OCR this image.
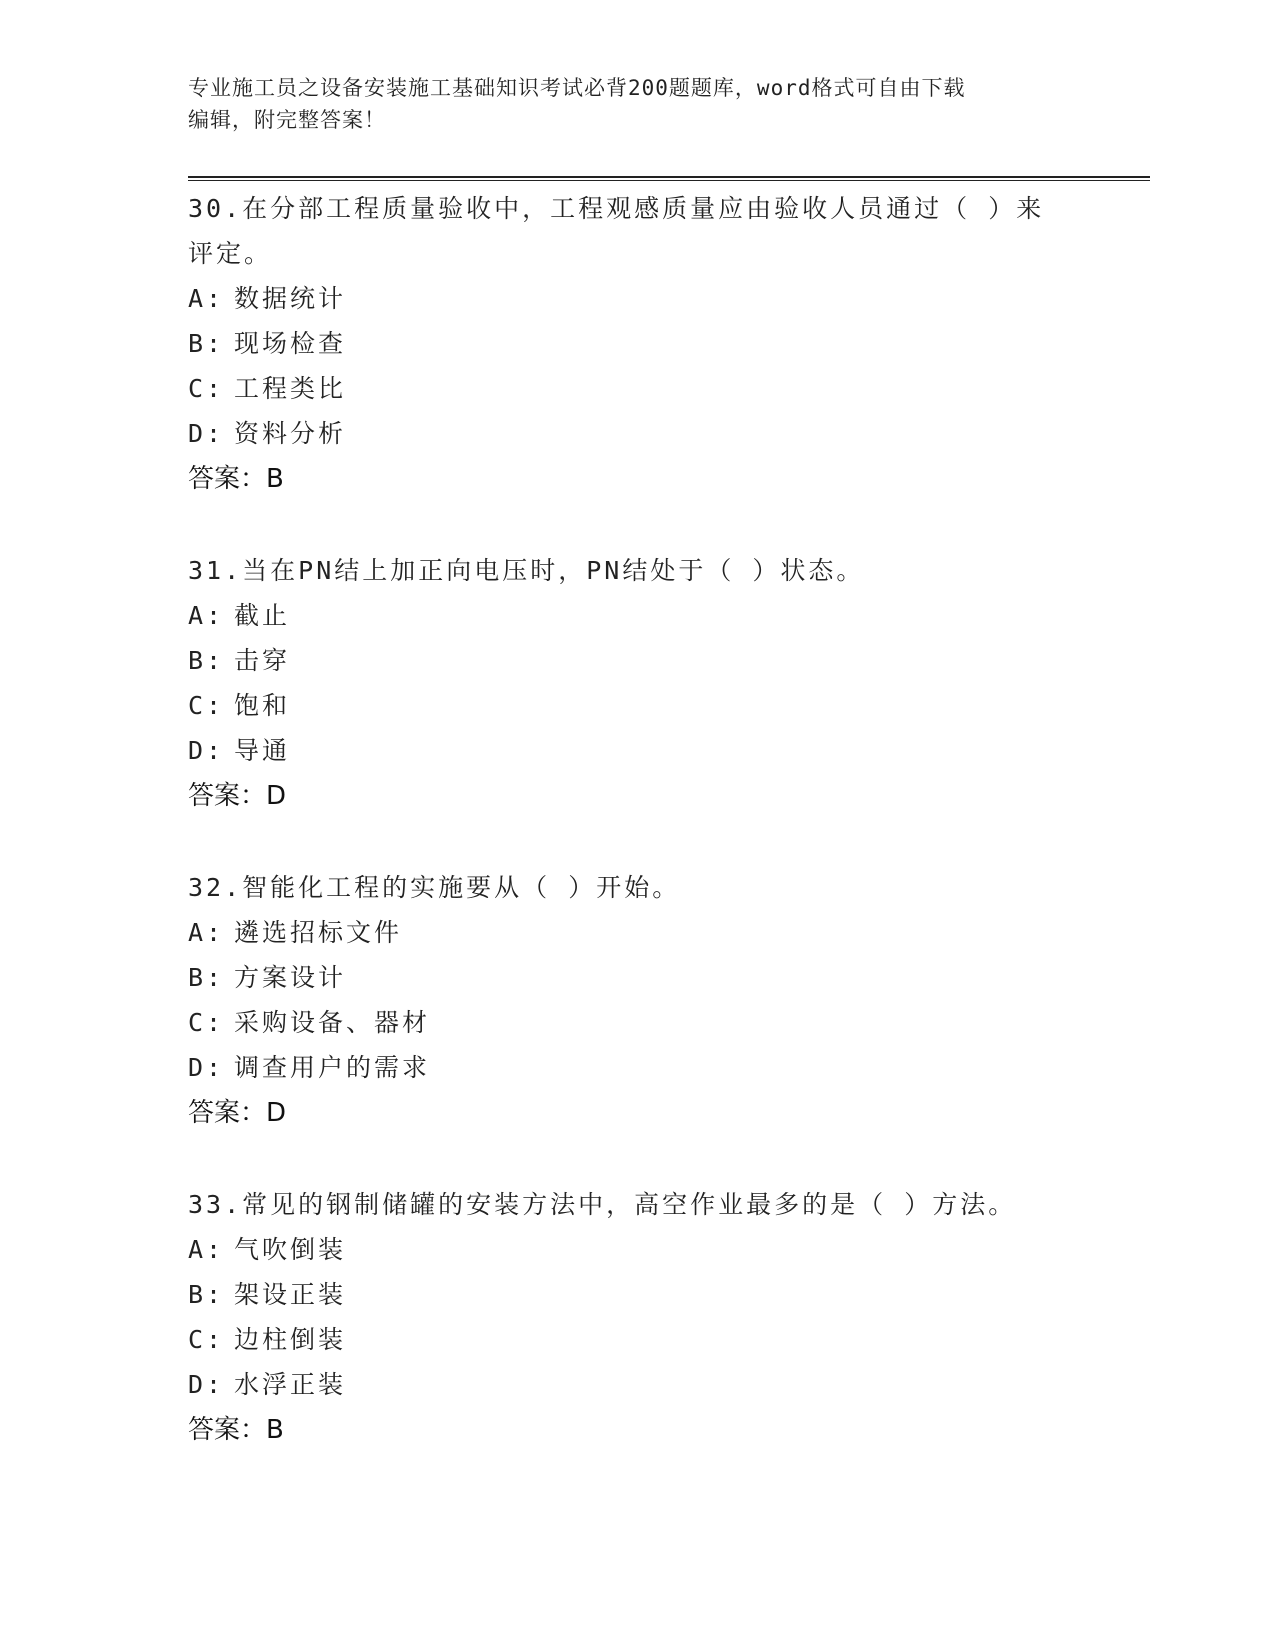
专业施工员之设备安装施工基础知识考试必背200题题库，word格式可自由下载
编辑，附完整答案！

30.在分部工程质量验收中，工程观感质量应由验收人员通过（ ）来

评定。

A: 数据统计
B: 现场检查
C: 工程类比
D: 资料分析

答案：B

31.当在PN结上加正向电压时，PN结处于（ ）状态。

A: 截止
B: 击穿
C: 饱和
D: 导通

答案：D

32.智能化工程的实施要从（ ）开始。

A: 遴选招标文件
B: 方案设计
C: 采购设备、器材
D: 调查用户的需求

答案：D

33.常见的钢制储罐的安装方法中，高空作业最多的是（ ）方法。

A: 气吹倒装
B: 架设正装
C: 边柱倒装
D: 水浮正装

答案：B
